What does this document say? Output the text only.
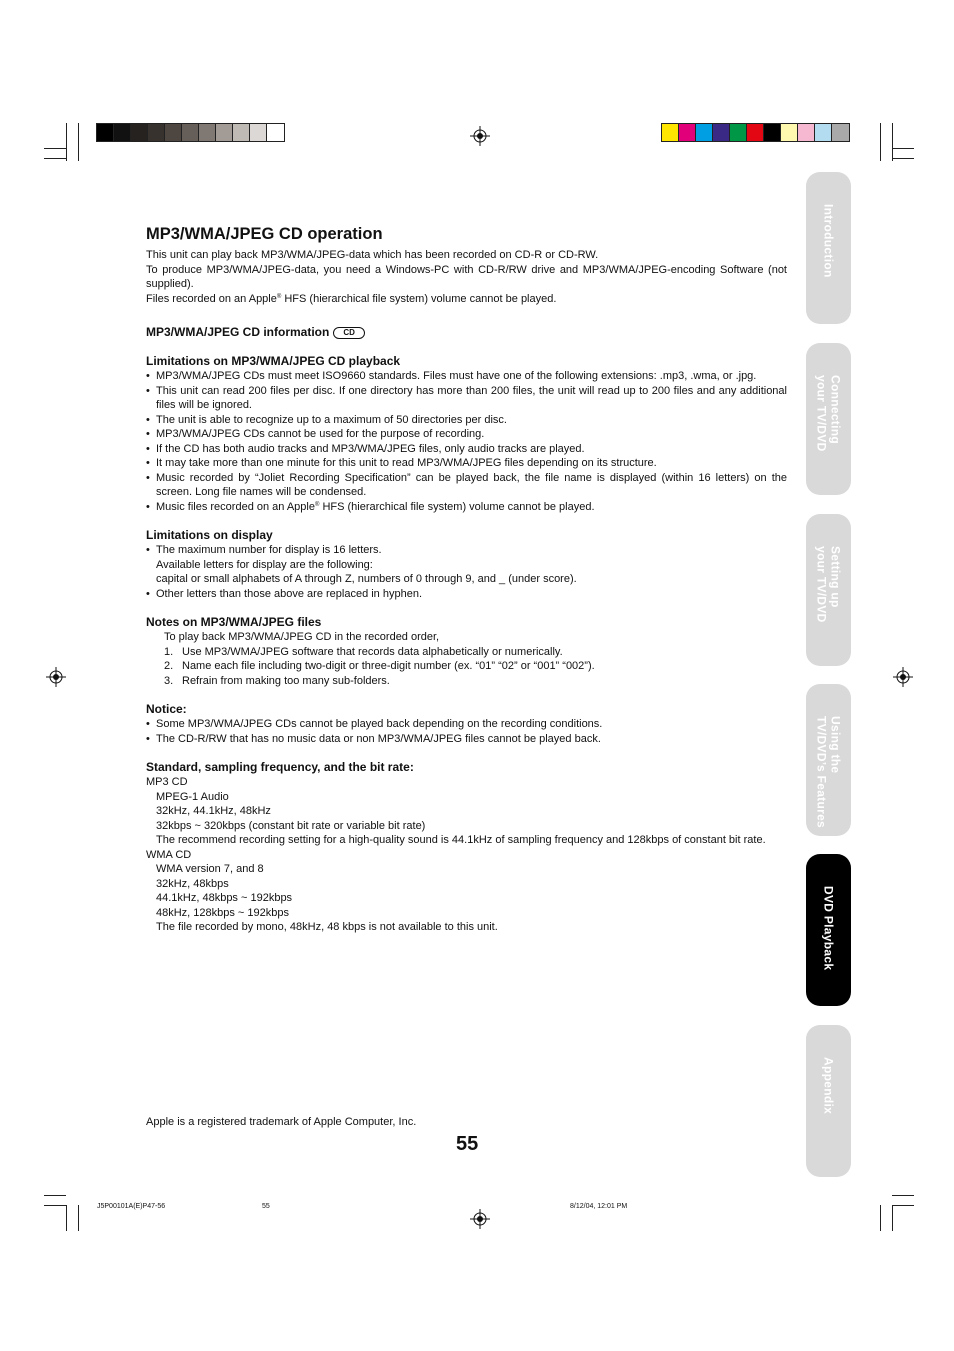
MP3/WMA/JPEG CD operation

This unit can play back MP3/WMA/JPEG-data which has been recorded on CD-R or CD-RW.

To produce MP3/WMA/JPEG-data, you need a Windows-PC with CD-R/RW drive and MP3/WMA/JPEG-encoding Software (not supplied).

Files recorded on an Apple® HFS (hierarchical file system) volume cannot be played.

MP3/WMA/JPEG CD information CD
Limitations on MP3/WMA/JPEG CD playback
• MP3/WMA/JPEG CDs must meet ISO9660 standards. Files must have one of the following extensions: .mp3, .wma, or .jpg.
• This unit can read 200 files per disc. If one directory has more than 200 files, the unit will read up to 200 files and any additional files will be ignored.
• The unit is able to recognize up to a maximum of 50 directories per disc.
• MP3/WMA/JPEG CDs cannot be used for the purpose of recording.
• If the CD has both audio tracks and MP3/WMA/JPEG files, only audio tracks are played.
• It may take more than one minute for this unit to read MP3/WMA/JPEG files depending on its structure.
• Music recorded by “Joliet Recording Specification” can be played back, the file name is displayed (within 16 letters) on the screen. Long file names will be condensed.
• Music files recorded on an Apple® HFS (hierarchical file system) volume cannot be played.
Limitations on display
• The maximum number for display is 16 letters.
Available letters for display are the following:
capital or small alphabets of A through Z, numbers of 0 through 9, and _ (under score).
• Other letters than those above are replaced in hyphen.
Notes on MP3/WMA/JPEG files

To play back MP3/WMA/JPEG CD in the recorded order,

1. Use MP3/WMA/JPEG software that records data alphabetically or numerically.
2. Name each file including two-digit or three-digit number (ex. “01” “02” or “001” “002”).
3. Refrain from making too many sub-folders.
Notice:
• Some MP3/WMA/JPEG CDs cannot be played back depending on the recording conditions.
• The CD-R/RW that has no music data or non MP3/WMA/JPEG files cannot be played back.
Standard, sampling frequency, and the bit rate:

MP3 CD

MPEG-1 Audio

32kHz, 44.1kHz, 48kHz

32kbps ~ 320kbps (constant bit rate or variable bit rate)

The recommend recording setting for a high-quality sound is 44.1kHz of sampling frequency and 128kbps of constant bit rate.

WMA CD

WMA version 7, and 8

32kHz, 48kbps

44.1kHz, 48kbps ~ 192kbps

48kHz, 128kbps ~ 192kbps

The file recorded by mono, 48kHz, 48 kbps is not available to this unit.

Introduction
Connecting
your TV/DVD
Setting up
your TV/DVD
Using the
TV/DVD’s Features
DVD Playback
Appendix

Apple is a registered trademark of Apple Computer, Inc.

55
J5P00101A(E)P47-56	55	8/12/04, 12:01 PM
